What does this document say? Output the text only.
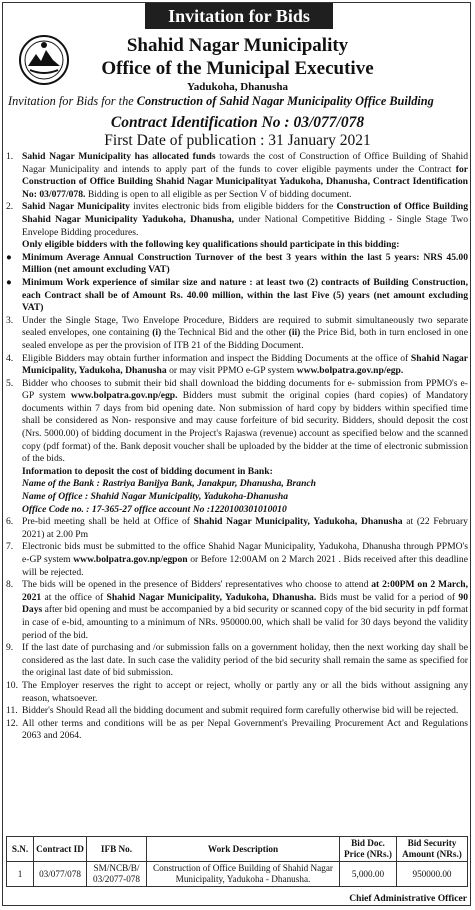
Invitation for Bids
Shahid Nagar Municipality
Office of the Municipal Executive
Yadukoha, Dhanusha
Invitation for Bids for the Construction of Sahid Nagar Municipality Office Building
Contract Identification No : 03/077/078
First Date of publication : 31 January 2021
1. Sahid Nagar Municipality has allocated funds towards the cost of Construction of Office Building of Shahid Nagar Municipality and intends to apply part of the funds to cover eligible payments under the Contract for Construction of Office Building Shahid Nagar Municipalityat Yadukoha, Dhanusha, Contract Identification No: 03/077/078. Bidding is open to all eligible as per Section V of bidding document.
2. Sahid Nagar Municipality invites electronic bids from eligible bidders for the Construction of Office Building Shahid Nagar Municipality Yadukoha, Dhanusha, under National Competitive Bidding - Single Stage Two Envelope Bidding procedures.
Only eligible bidders with the following key qualifications should participate in this bidding:
●	Minimum Average Annual Construction Turnover of the best 3 years within the last 5 years: NRS 45.00 Million (net amount excluding VAT)
●	Minimum Work experience of similar size and nature : at least two (2) contracts of Building Construction, each Contract shall be of Amount Rs. 40.00 million, within the last Five (5) years (net amount excluding VAT)
3. Under the Single Stage, Two Envelope Procedure, Bidders are required to submit simultaneously two separate sealed envelopes, one containing (i) the Technical Bid and the other (ii) the Price Bid, both in turn enclosed in one sealed envelope as per the provision of ITB 21 of the Bidding Document.
4. Eligible Bidders may obtain further information and inspect the Bidding Documents at the office of Shahid Nagar Municipality, Yadukoha, Dhanusha or may visit PPMO e-GP system www.bolpatra.gov.np/egp.
5. Bidder who chooses to submit their bid shall download the bidding documents for e- submission from PPMO's e-GP system www.bolpatra.gov.np/egp. Bidders must submit the original copies (hard copies) of Mandatory documents within 7 days from bid opening date. Non submission of hard copy by bidders within specified time shall be considered as Non- responsive and may cause forfeiture of bid security. Bidders, should deposit the cost (Nrs. 5000.00) of bidding document in the Project's Rajaswa (revenue) account as specified below and the scanned copy (pdf format) of the. Bank deposit voucher shall be uploaded by the bidder at the time of electronic submission of the bids.
Information to deposit the cost of bidding document in Bank:
Name of the Bank : Rastriya Banijya Bank, Janakpur, Dhanusha, Branch
Name of Office : Shahid Nagar Municipality, Yadukoha-Dhanusha
Office Code no. : 17-365-27 office account No :1220100301010010
6. Pre-bid meeting shall be held at Office of Shahid Nagar Municipality, Yadukoha, Dhanusha at (22 February 2021) at 2.00 Pm
7. Electronic bids must be submitted to the office Shahid Nagar Municipality, Yadukoha, Dhanusha through PPMO's e-GP system www.bolpatra.gov.np/egpon or Before 12:00AM on 2 March 2021 . Bids received after this deadline will be rejected.
8. The bids will be opened in the presence of Bidders' representatives who choose to attend at 2:00PM on 2 March, 2021 at the office of Shahid Nagar Municipality, Yadukoha, Dhanusha. Bids must be valid for a period of 90 Days after bid opening and must be accompanied by a bid security or scanned copy of the bid security in pdf format in case of e-bid, amounting to a minimum of NRs. 950000.00, which shall be valid for 30 days beyond the validity period of the bid.
9. If the last date of purchasing and /or submission falls on a government holiday, then the next working day shall be considered as the last date. In such case the validity period of the bid security shall remain the same as specified for the original last date of bid submission.
10. The Employer reserves the right to accept or reject, wholly or partly any or all the bids without assigning any reason, whatsoever.
11. Bidder's Should Read all the bidding document and submit required form carefully otherwise bid will be rejected.
12. All other terms and conditions will be as per Nepal Government's Prevailing Procurement Act and Regulations 2063 and 2064.
S.N.	Contract ID	IFB No.	Work Description	Bid Doc. Price (NRs.)	Bid Security Amount (NRs.)
1	03/077/078	SM/NCB/B/ 03/2077-078	Construction of Office Building of Shahid Nagar Municipality, Yadukoha - Dhanusha.	5,000.00	950000.00
Chief Administrative Officer
